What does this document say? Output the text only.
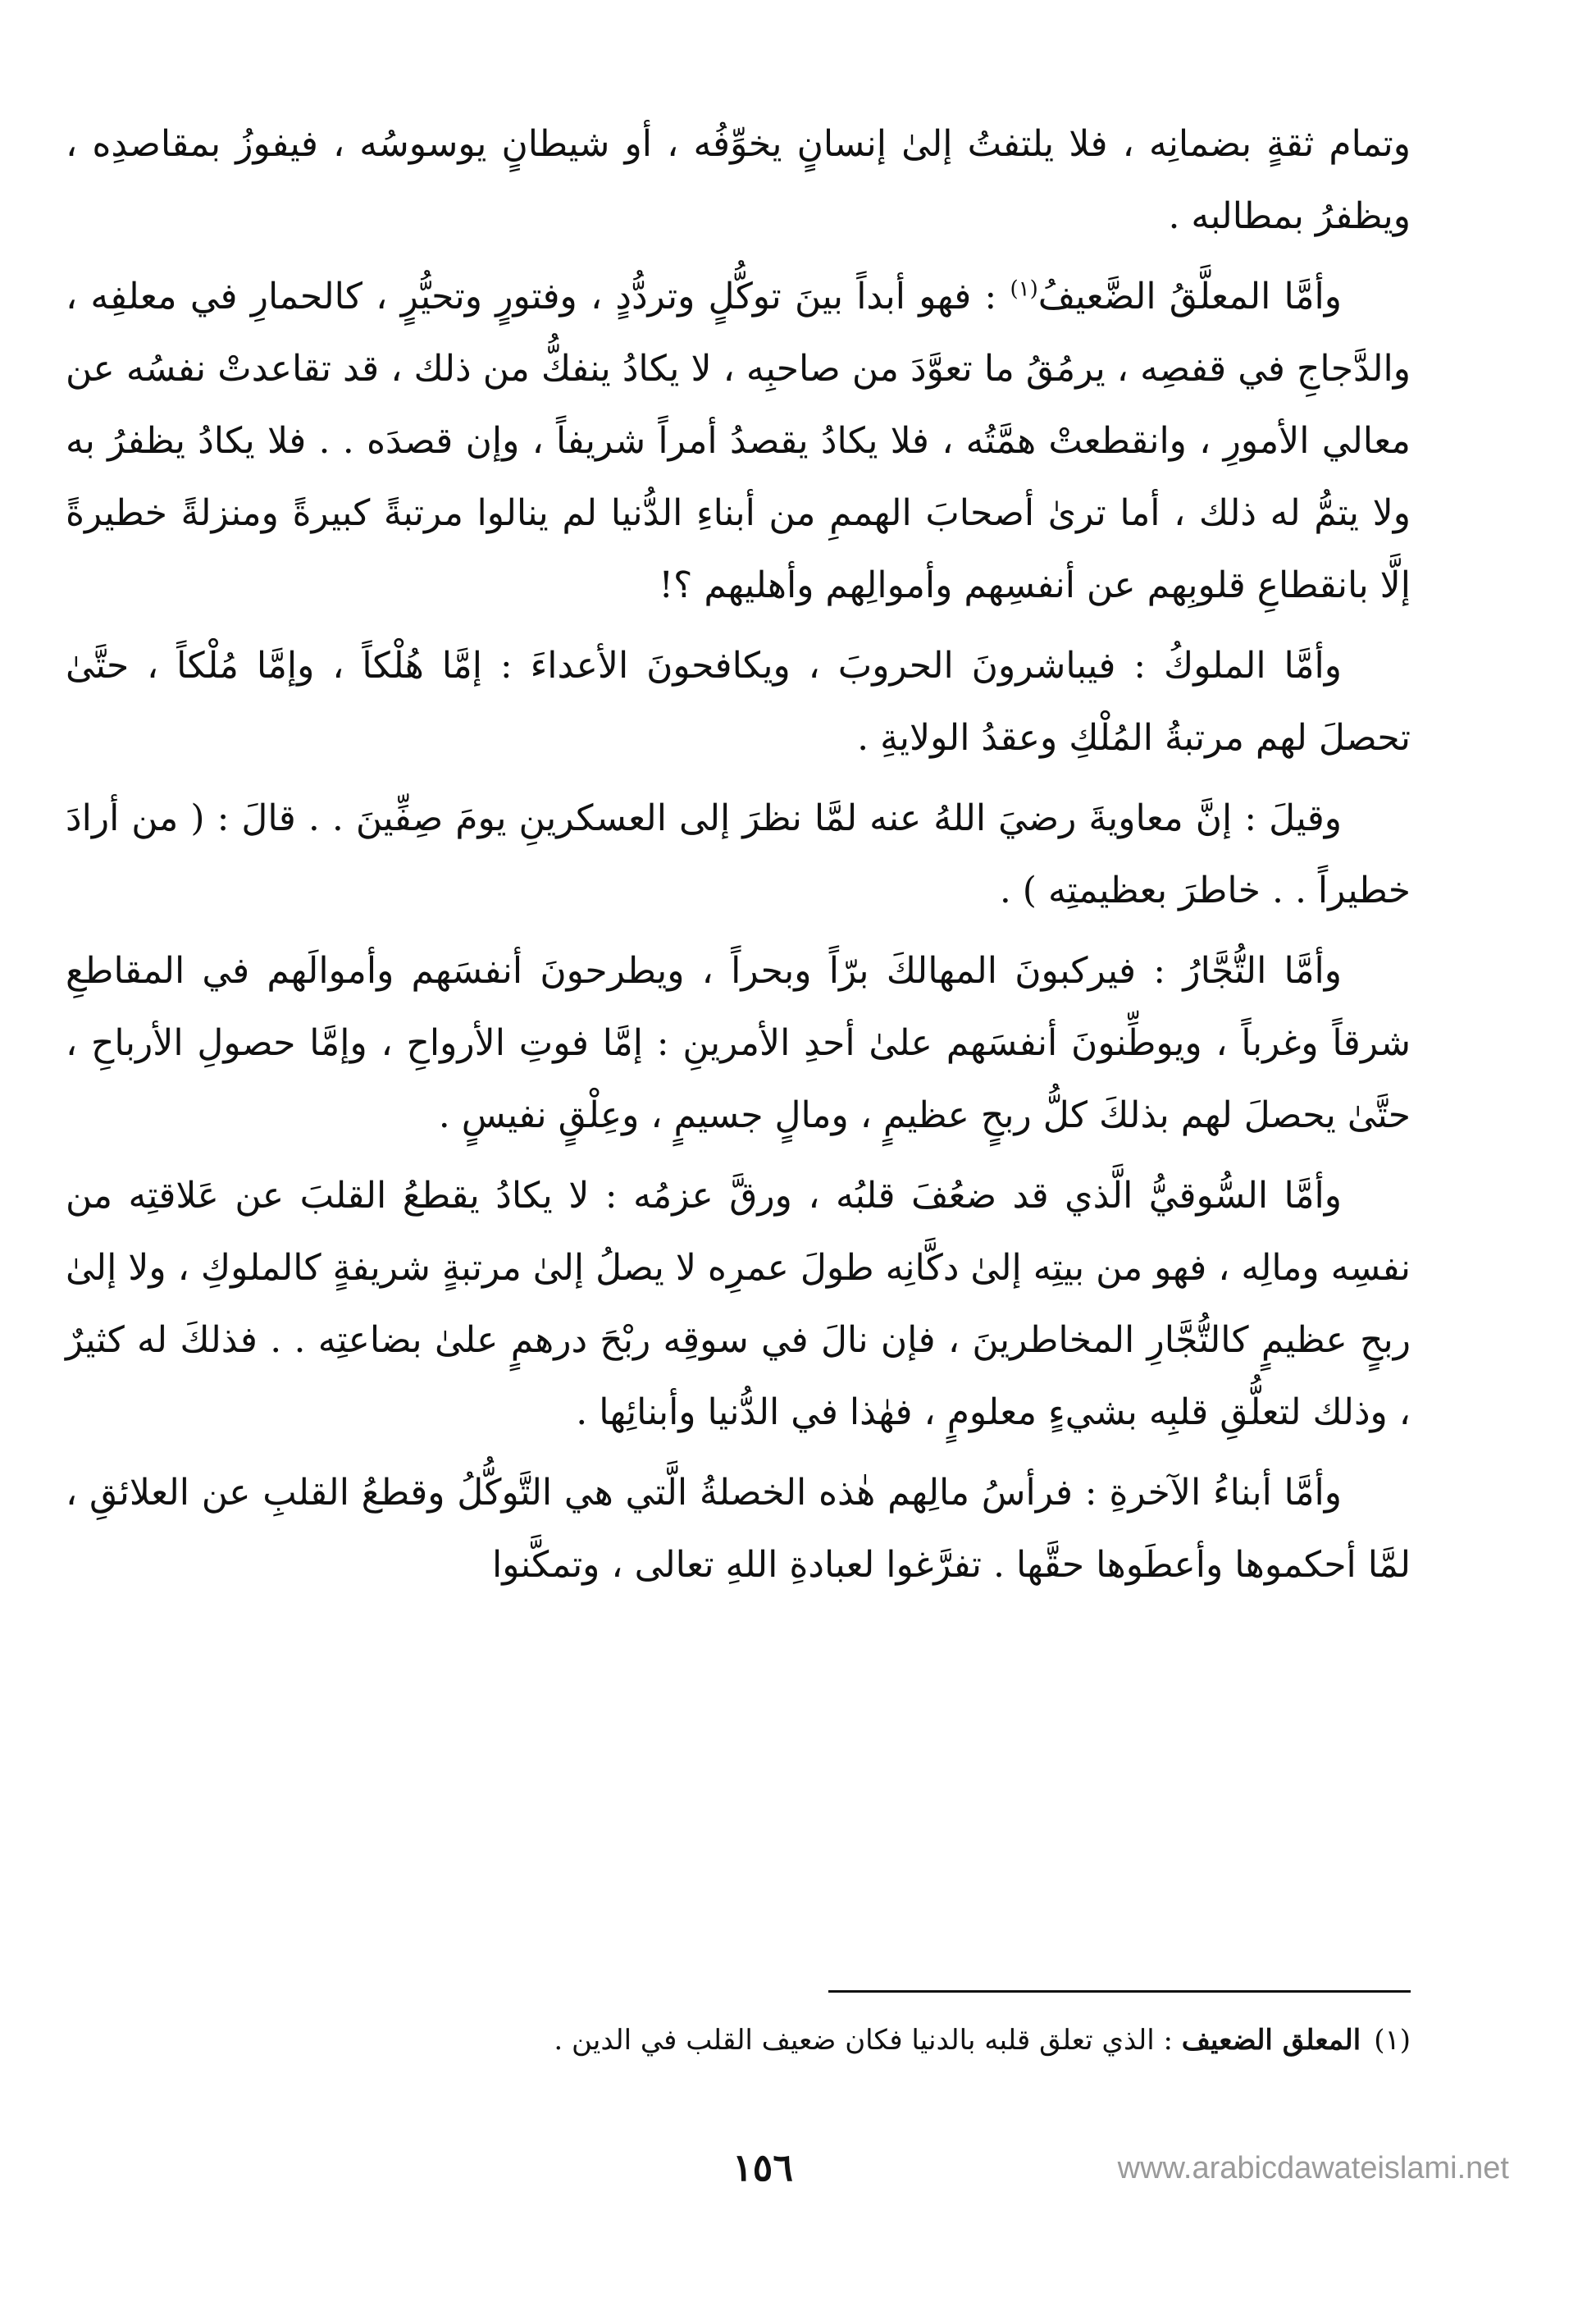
وتمام ثقةٍ بضمانِه ، فلا يلتفتُ إلىٰ إنسانٍ يخوِّفُه ، أو شيطانٍ يوسوسُه ، فيفوزُ بمقاصدِه ، ويظفرُ بمطالبه .

وأمَّا المعلَّقُ الضَّعيفُ$^{(١)}$ : فهو أبداً بينَ توكُّلٍ وتردُّدٍ ، وفتورٍ وتحيُّرٍ ، كالحمارِ في معلفِه ، والدَّجاجِ في قفصِه ، يرمُقُ ما تعوَّدَ من صاحبِه ، لا يكادُ ينفكُّ من ذلك ، قد تقاعدتْ نفسُه عن معالي الأمورِ ، وانقطعتْ همَّتُه ، فلا يكادُ يقصدُ أمراً شريفاً ، وإن قصدَه . . فلا يكادُ يظفرُ به ولا يتمُّ له ذلك ، أما ترىٰ أصحابَ الهممِ من أبناءِ الدُّنيا لم ينالوا مرتبةً كبيرةً ومنزلةً خطيرةً إلَّا بانقطاعِ قلوبِهم عن أنفسِهم وأموالِهم وأهليهم ؟!

وأمَّا الملوكُ : فيباشرونَ الحروبَ ، ويكافحونَ الأعداءَ : إمَّا هُلْكاً ، وإمَّا مُلْكاً ، حتَّىٰ تحصلَ لهم مرتبةُ المُلْكِ وعقدُ الولايةِ .

وقيلَ : إنَّ معاويةَ رضيَ اللهُ عنه لمَّا نظرَ إلى العسكرينِ يومَ صِفِّينَ . . قالَ : ( من أرادَ خطيراً . . خاطرَ بعظيمتِه ) .

وأمَّا التُّجَّارُ : فيركبونَ المهالكَ برّاً وبحراً ، ويطرحونَ أنفسَهم وأموالَهم في المقاطعِ شرقاً وغرباً ، ويوطِّنونَ أنفسَهم علىٰ أحدِ الأمرينِ : إمَّا فوتِ الأرواحِ ، وإمَّا حصولِ الأرباحِ ، حتَّىٰ يحصلَ لهم بذلكَ كلُّ ربحٍ عظيمٍ ، ومالٍ جسيمٍ ، وعِلْقٍ نفيسٍ .

وأمَّا السُّوقيُّ الَّذي قد ضعُفَ قلبُه ، ورقَّ عزمُه : لا يكادُ يقطعُ القلبَ عن عَلاقتِه من نفسِه ومالِه ، فهو من بيتِه إلىٰ دكَّانِه طولَ عمرِه لا يصلُ إلىٰ مرتبةٍ شريفةٍ كالملوكِ ، ولا إلىٰ ربحٍ عظيمٍ كالتُّجَّارِ المخاطرينَ ، فإن نالَ في سوقِه ربْحَ درهمٍ علىٰ بضاعتِه . . فذلكَ له كثيرٌ ، وذلك لتعلُّقِ قلبِه بشيءٍ معلومٍ ، فهٰذا في الدُّنيا وأبنائِها .

وأمَّا أبناءُ الآخرةِ : فرأسُ مالِهم هٰذه الخصلةُ الَّتي هي التَّوكُّلُ وقطعُ القلبِ عن العلائقِ ، لمَّا أحكموها وأعطَوها حقَّها . تفرَّغوا لعبادةِ اللهِ تعالى ، وتمكَّنوا

(١)المعلق الضعيف : الذي تعلق قلبه بالدنيا فكان ضعيف القلب في الدين .
١٥٦	www.arabicdawateislami.net
